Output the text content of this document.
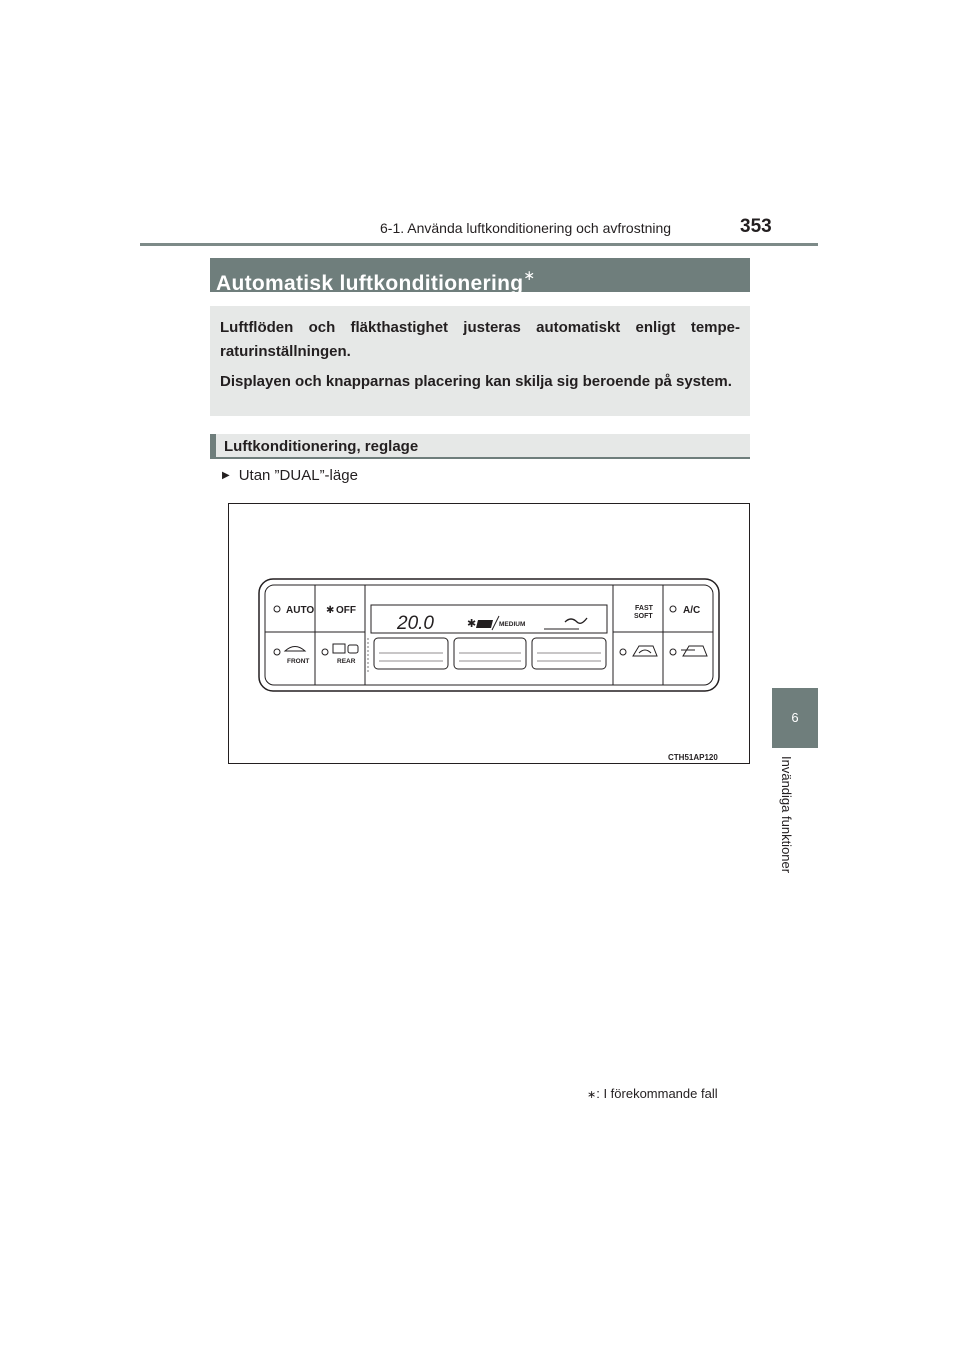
6-1. Använda luftkonditionering och avfrostning	353
6
Invändiga funktioner
Automatisk luftkonditionering∗

Luftflöden och fläkthastighet justeras automatiskt enligt tempe-raturinställningen.

Displayen och knapparnas placering kan skilja sig beroende på system.

Luftkonditionering, reglage
▶ Utan ”DUAL”-läge
AUTO ✱ OFF
FRONT	REAR
20.0	✱	MEDIUM
FAST
SOFT
A/C
CTH51AP120
∗: I förekommande fall
